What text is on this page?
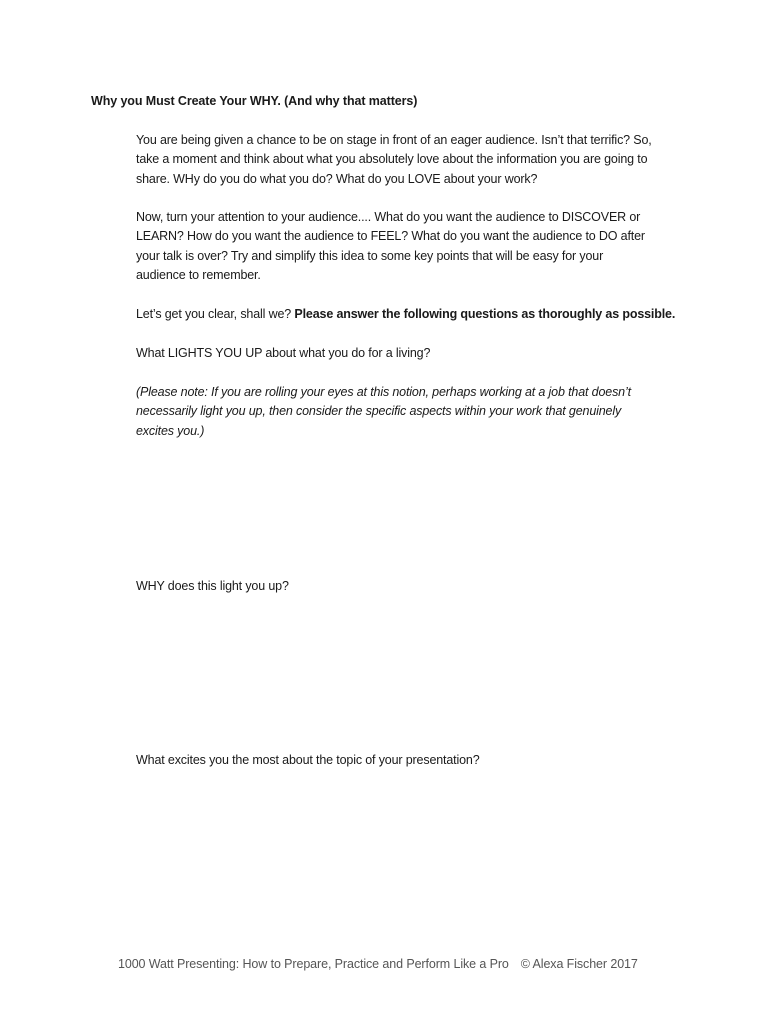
Why you Must Create Your WHY. (And why that matters)
You are being given a chance to be on stage in front of an eager audience. Isn’t that terrific? So,
take a moment and think about what you absolutely love about the information you are going to
share. WHy do you do what you do? What do you LOVE about your work?
Now, turn your attention to your audience.... What do you want the audience to DISCOVER or
LEARN? How do you want the audience to FEEL? What do you want the audience to DO after
your talk is over? Try and simplify this idea to some key points that will be easy for your
audience to remember.
Let’s get you clear, shall we? Please answer the following questions as thoroughly as possible.
What LIGHTS YOU UP about what you do for a living?
(Please note: If you are rolling your eyes at this notion, perhaps working at a job that doesn’t
necessarily light you up, then consider the specific aspects within your work that genuinely
excites you.)
WHY does this light you up?
What excites you the most about the topic of your presentation?
1000 Watt Presenting: How to Prepare, Practice and Perform Like a Pro © Alexa Fischer 2017
